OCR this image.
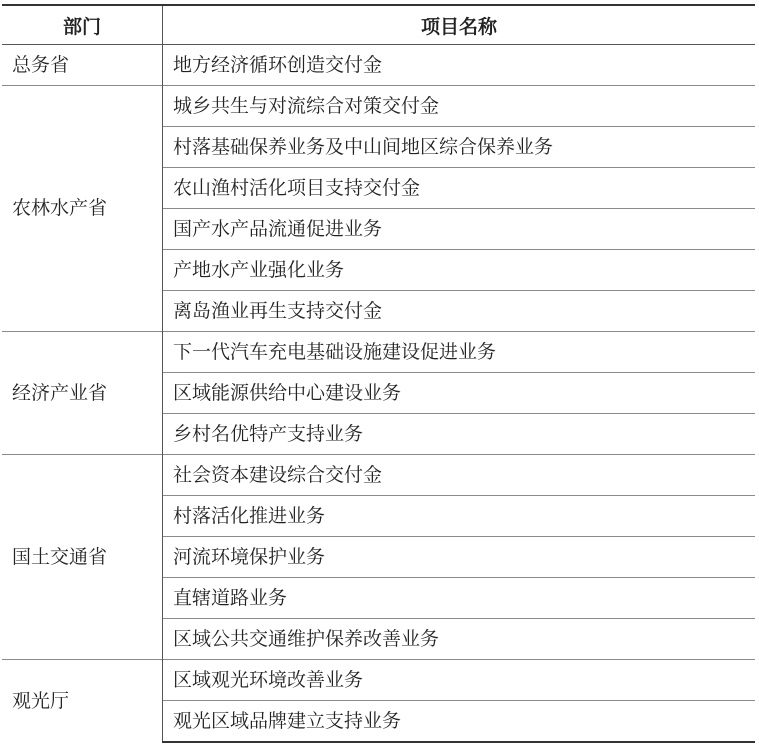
部门	项目名称
总务省	地方经济循环创造交付金
农林水产省	城乡共生与对流综合对策交付金
	村落基础保养业务及中山间地区综合保养业务
	农山渔村活化项目支持交付金
	国产水产品流通促进业务
	产地水产业强化业务
	离岛渔业再生支持交付金
经济产业省	下一代汽车充电基础设施建设促进业务
	区域能源供给中心建设业务
	乡村名优特产支持业务
国土交通省	社会资本建设综合交付金
	村落活化推进业务
	河流环境保护业务
	直辖道路业务
	区域公共交通维护保养改善业务
观光厅	区域观光环境改善业务
	观光区域品牌建立支持业务
